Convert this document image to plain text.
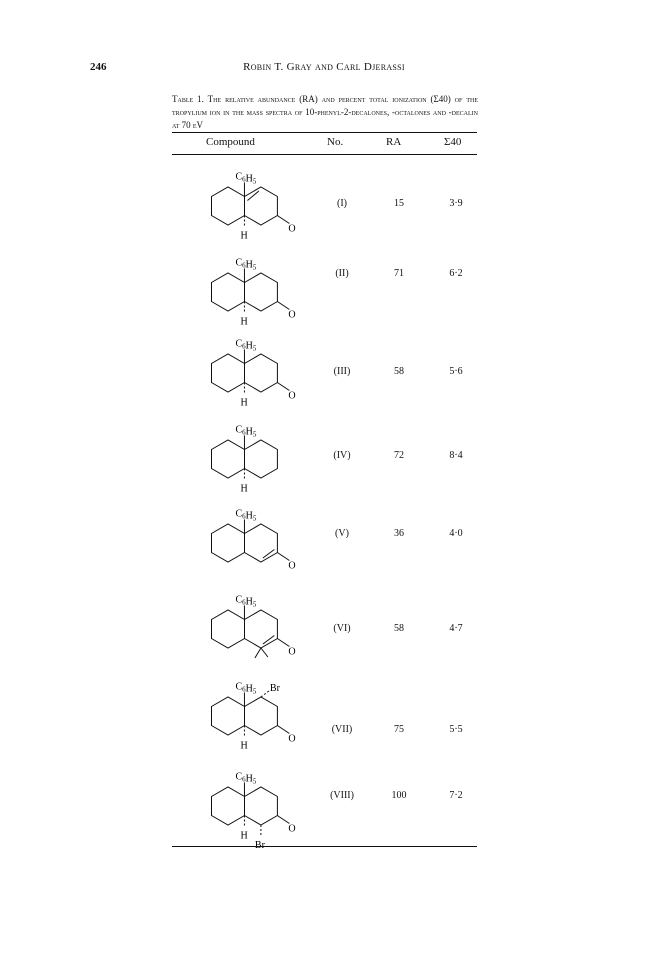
246	Robin T. Gray and Carl Djerassi
Table 1. The relative abundance (RA) and percent total ionization (Σ40) of the tropylium ion in the mass spectra of 10-phenyl-2-decalones, -octalones and -decalin at 70 eV
Compound	No.	RA	Σ40
$C_6H_5$
H
O
(I)	15	3·9
$C_6H_5$
H
O
(II)	71	6·2
$C_6H_5$
H
O
(III)	58	5·6
$C_6H_5$
H
(IV)	72	8·4
$C_6H_5$
O
(V)	36	4·0
$C_6H_5$
O
(VI)	58	4·7
$C_6H_5$
H
O
Br
(VII)	75	5·5
$C_6H_5$
H
O
Br
(VIII)	100	7·2
